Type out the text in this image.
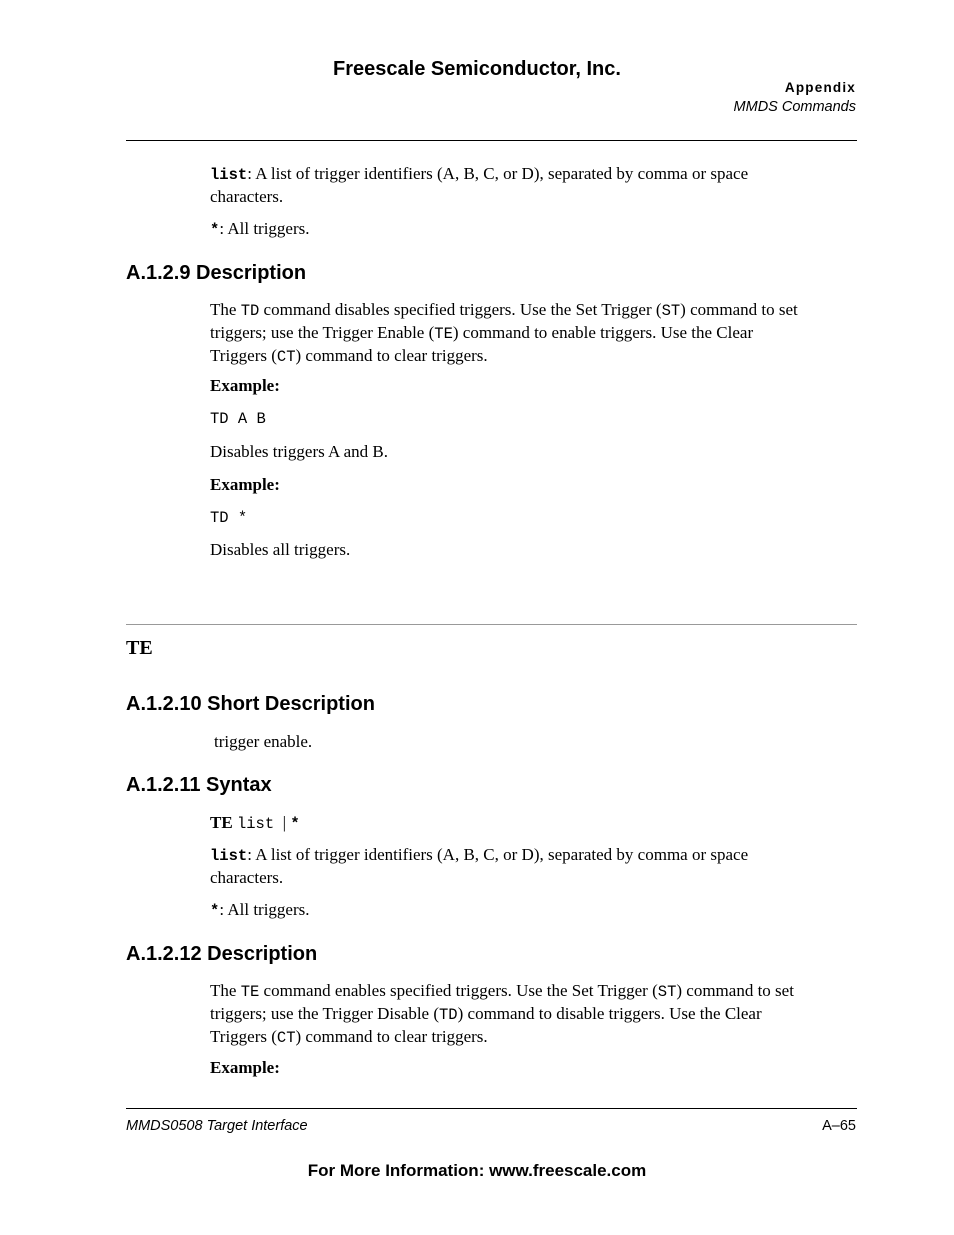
Freescale Semiconductor, Inc.
Appendix
MMDS Commands
list: A list of trigger identifiers (A, B, C, or D), separated by comma or space
characters.
*: All triggers.
A.1.2.9 Description
The TD command disables specified triggers. Use the Set Trigger (ST) command to set
triggers; use the Trigger Enable (TE) command to enable triggers. Use the Clear
Triggers (CT) command to clear triggers.
Example:
TD A B
Disables triggers A and B.
Example:
TD *
Disables all triggers.
TE
A.1.2.10 Short Description
trigger enable.
A.1.2.11 Syntax
TE list | *
list: A list of trigger identifiers (A, B, C, or D), separated by comma or space
characters.
*: All triggers.
A.1.2.12 Description
The TE command enables specified triggers. Use the Set Trigger (ST) command to set
triggers; use the Trigger Disable (TD) command to disable triggers. Use the Clear
Triggers (CT) command to clear triggers.
Example:
MMDS0508 Target Interface	A–65
For More Information: www.freescale.com
